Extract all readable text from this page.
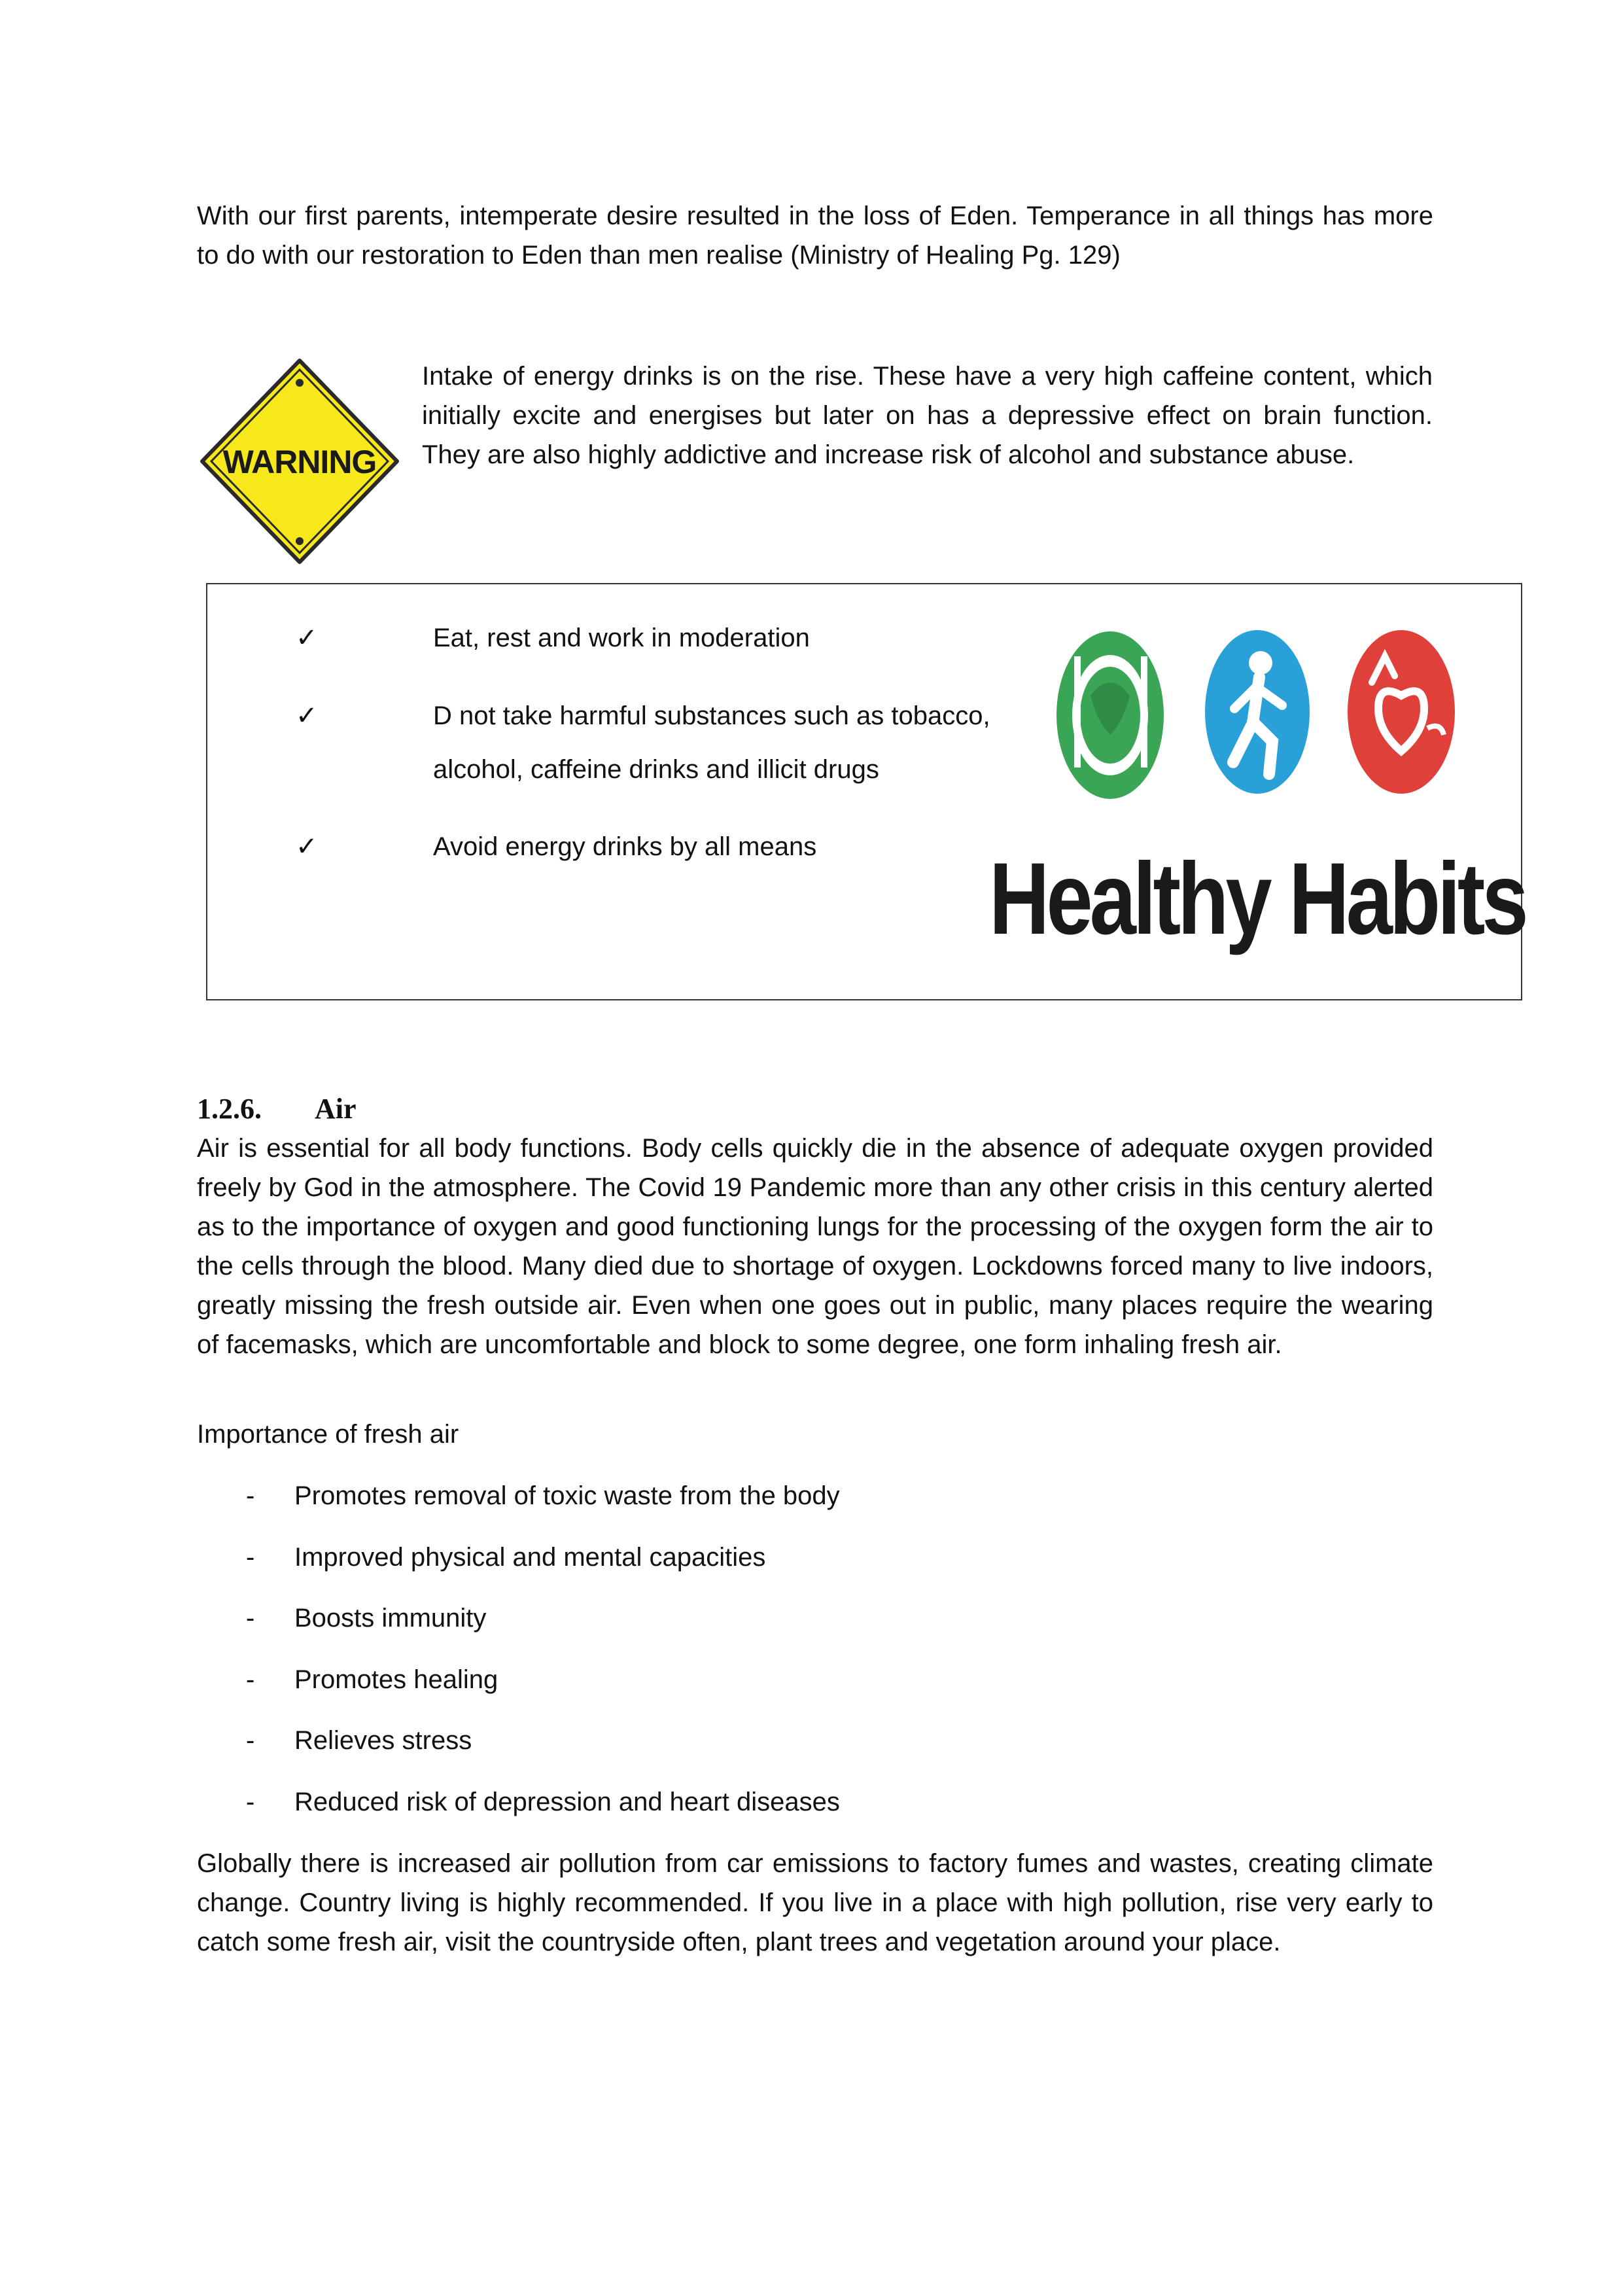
With our first parents, intemperate desire resulted in the loss of Eden. Temperance in all things has more to do with our restoration to Eden than men realise (Ministry of Healing Pg. 129)

WARNING

Intake of energy drinks is on the rise. These have a very high caffeine content, which initially excite and energises but later on has a depressive effect on brain function. They are also highly addictive and increase risk of alcohol and substance abuse.

✓	Eat, rest and work in moderation
✓	D not take harmful substances such as tobacco,
alcohol, caffeine drinks and illicit drugs
✓	Avoid energy drinks by all means Healthy Habits
1.2.6. Air

Air is essential for all body functions. Body cells quickly die in the absence of adequate oxygen provided freely by God in the atmosphere. The Covid 19 Pandemic more than any other crisis in this century alerted as to the importance of oxygen and good functioning lungs for the processing of the oxygen form the air to the cells through the blood. Many died due to shortage of oxygen. Lockdowns forced many to live indoors, greatly missing the fresh outside air. Even when one goes out in public, many places require the wearing of facemasks, which are uncomfortable and block to some degree, one form inhaling fresh air.

Importance of fresh air

- Promotes removal of toxic waste from the body
- Improved physical and mental capacities
- Boosts immunity
- Promotes healing
- Relieves stress
- Reduced risk of depression and heart diseases

Globally there is increased air pollution from car emissions to factory fumes and wastes, creating climate change. Country living is highly recommended. If you live in a place with high pollution, rise very early to catch some fresh air, visit the countryside often, plant trees and vegetation around your place.
